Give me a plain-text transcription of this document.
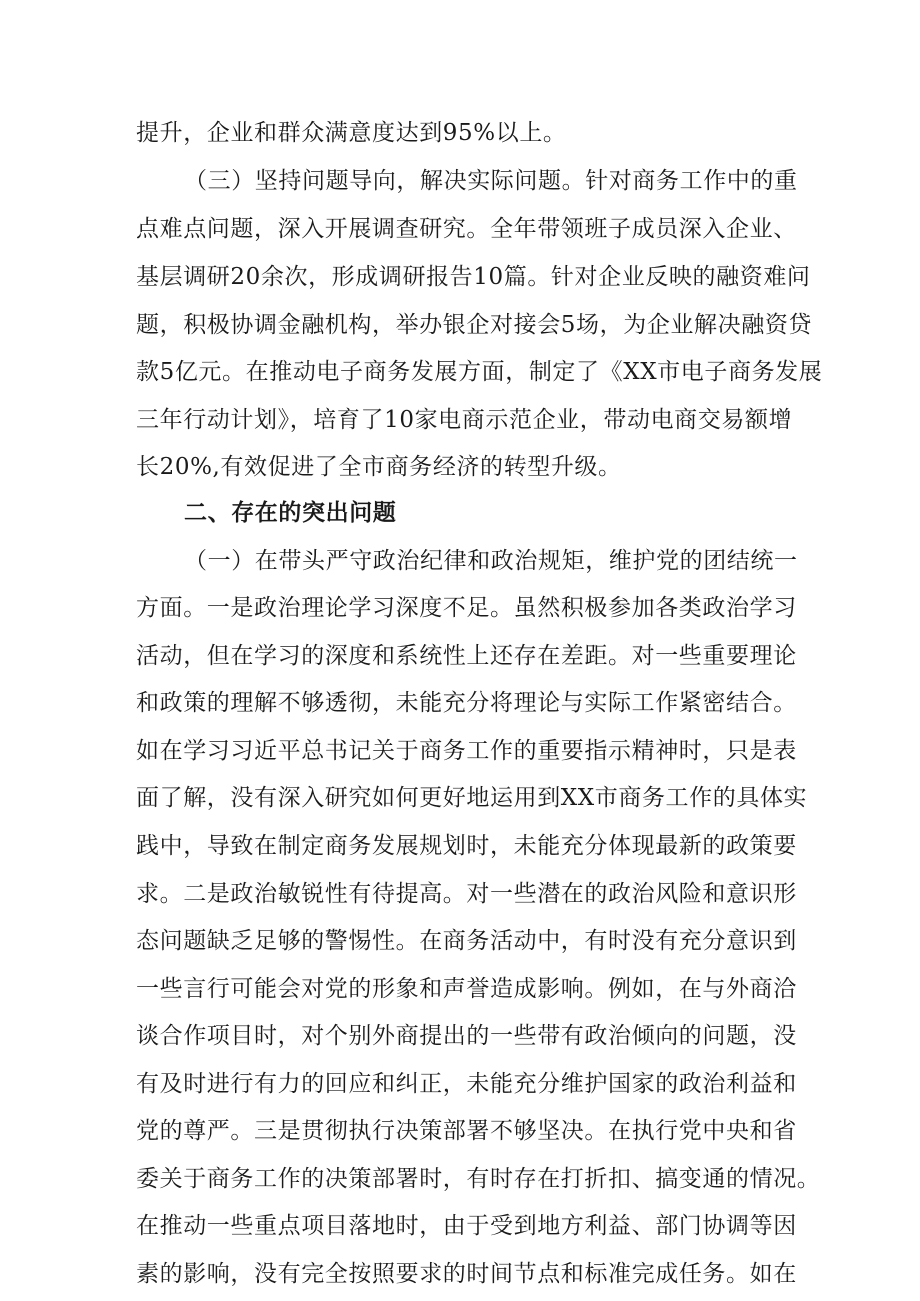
提升，企业和群众满意度达到95%以上。
（三）坚持问题导向，解决实际问题。针对商务工作中的重
点难点问题，深入开展调查研究。全年带领班子成员深入企业、
基层调研20余次，形成调研报告10篇。针对企业反映的融资难问
题，积极协调金融机构，举办银企对接会5场，为企业解决融资贷
款5亿元。在推动电子商务发展方面，制定了《XX市电子商务发展
三年行动计划》，培育了10家电商示范企业，带动电商交易额增
长20%,有效促进了全市商务经济的转型升级。
二、存在的突出问题
（一）在带头严守政治纪律和政治规矩，维护党的团结统一
方面。一是政治理论学习深度不足。虽然积极参加各类政治学习
活动，但在学习的深度和系统性上还存在差距。对一些重要理论
和政策的理解不够透彻，未能充分将理论与实际工作紧密结合。
如在学习习近平总书记关于商务工作的重要指示精神时，只是表
面了解，没有深入研究如何更好地运用到XX市商务工作的具体实
践中，导致在制定商务发展规划时，未能充分体现最新的政策要
求。二是政治敏锐性有待提高。对一些潜在的政治风险和意识形
态问题缺乏足够的警惕性。在商务活动中，有时没有充分意识到
一些言行可能会对党的形象和声誉造成影响。例如，在与外商洽
谈合作项目时，对个别外商提出的一些带有政治倾向的问题，没
有及时进行有力的回应和纠正，未能充分维护国家的政治利益和
党的尊严。三是贯彻执行决策部署不够坚决。在执行党中央和省
委关于商务工作的决策部署时，有时存在打折扣、搞变通的情况。
在推动一些重点项目落地时，由于受到地方利益、部门协调等因
素的影响，没有完全按照要求的时间节点和标准完成任务。如在
